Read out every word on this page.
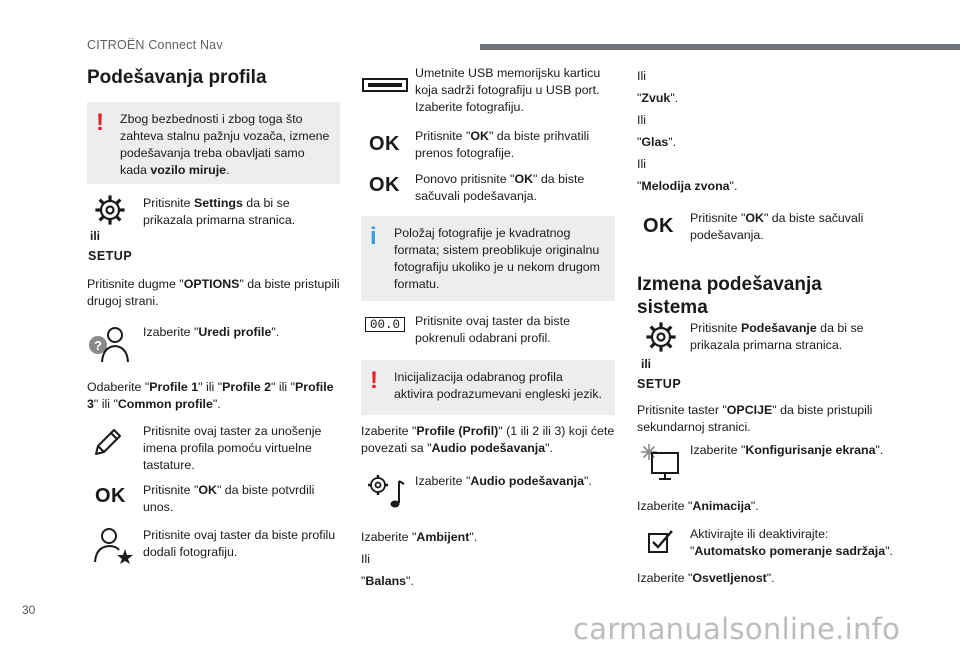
CITROËN Connect Nav
Podešavanja profila
!	Zbog bezbednosti i zbog toga što zahteva stalnu pažnju vozača, izmene podešavanja treba obavljati samo kada vozilo miruje.
ili
SETUP
Pritisnite Settings da bi se prikazala primarna stranica.
Pritisnite dugme "OPTIONS" da biste pristupili drugoj strani.
?
Izaberite "Uredi profile".
Odaberite "Profile 1" ili "Profile 2" ili "Profile 3" ili "Common profile".
Pritisnite ovaj taster za unošenje imena profila pomoću virtuelne tastature.
OK Pritisnite "OK" da biste potvrdili unos.
Pritisnite ovaj taster da biste profilu dodali fotografiju.
Umetnite USB memorijsku karticu koja sadrži fotografiju u USB port. Izaberite fotografiju.
OK Pritisnite "OK" da biste prihvatili prenos fotografije.
OK Ponovo pritisnite "OK" da biste sačuvali podešavanja.
i	Položaj fotografije je kvadratnog formata; sistem preoblikuje originalnu fotografiju ukoliko je u nekom drugom formatu.
00.0	Pritisnite ovaj taster da biste pokrenuli odabrani profil.
!	Inicijalizacija odabranog profila aktivira podrazumevani engleski jezik.
Izaberite "Profile (Profil)" (1 ili 2 ili 3) koji ćete povezati sa "Audio podešavanja".
Izaberite "Audio podešavanja".
Izaberite "Ambijent".
Ili
"Balans".
Ili
"Zvuk".
Ili
"Glas".
Ili
"Melodija zvona".
OK Pritisnite "OK" da biste sačuvali podešavanja.
Izmena podešavanja sistema
ili
SETUP
Pritisnite Podešavanje da bi se prikazala primarna stranica.
Pritisnite taster "OPCIJE" da biste pristupili sekundarnoj stranici.
Izaberite "Konfigurisanje ekrana".
Izaberite "Animacija".
Aktivirajte ili deaktivirajte:
"Automatsko pomeranje sadržaja".
Izaberite "Osvetljenost".
30
carmanualsonline.info
